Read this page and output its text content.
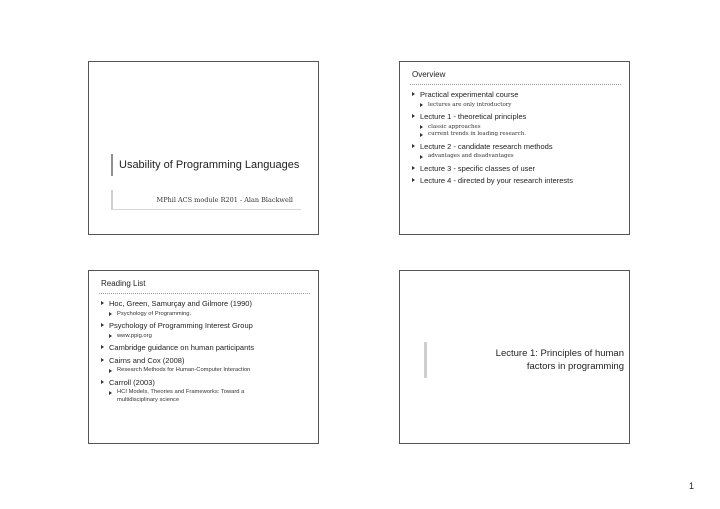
Usability of Programming Languages
MPhil ACS module R201 - Alan Blackwell
Overview
Practical experimental course
lectures are only introductory
Lecture 1 - theoretical principles
classic approaches
current trends in leading research.
Lecture 2 - candidate research methods
advantages and disadvantages
Lecture 3 - specific classes of user
Lecture 4 - directed by your research interests
Reading List
Hoc, Green, Samurçay and Gilmore (1990)
Psychology of Programming.
Psychology of Programming Interest Group
www.ppig.org
Cambridge guidance on human participants
Cairns and Cox (2008)
Research Methods for Human-Computer Interaction
Carroll (2003)
HCI Models, Theories and Frameworks: Toward a
multidisciplinary science
Lecture 1: Principles of human
factors in programming
1
